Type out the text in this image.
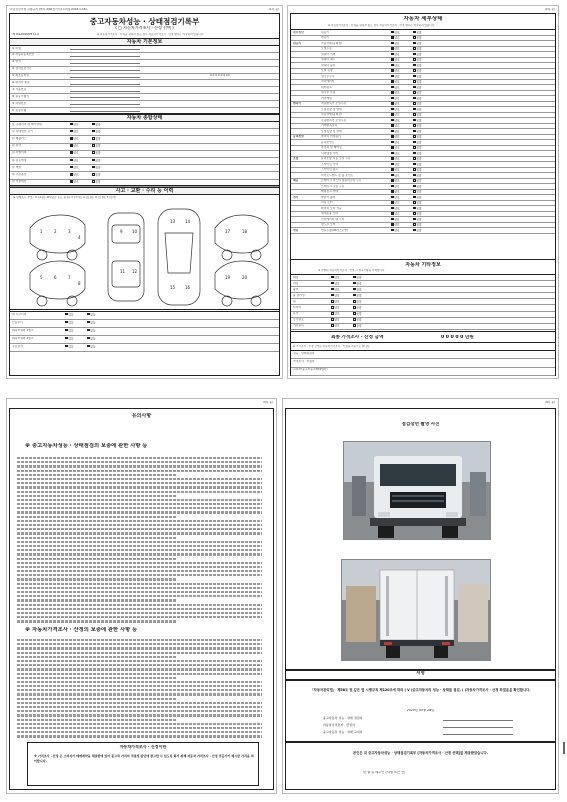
자동차관리법 시행규칙 [별지 제82호서식] <개정 2018.1.18>	(1쪽 중)
중고자동차성능 · 상태점검기록부
( □ 자동차가격조사 · 산정 선택 )
제 0420000972호	※ 자동차가격조사 · 산정을 원하지 않는 경우 자동차가격조사 · 산정 항목은 작성하지 않습니다.
자동차 기본정보
① 차명
② 자동차등록번호
③ 연식
④ 검사유효기간
⑤ 최초등록일	0 0 0 0 0 0 km
⑥ 변속기 종류
⑦ 사용연료
⑧ 원동기형식
⑨ 차대번호
⑩ 보증유형
자동차 종합상태
⑪ 주행거리 및 계기상태	양호	불량
⑫ 차대번호 표기	양호	불량
⑬ 배출가스	양호	불량
⑭ 튜닝	양호	불량
⑮ 특별이력	양호	불량
⑯ 용도변경	양호	불량
⑰ 색상	양호	불량
⑱ 주요옵션	양호	불량
⑲ 리콜대상	양호	불량
사고 · 교환 · 수리 등 이력
※ 상태표시 부호 : X (교환), W (판금 또는 용접), C (부식), A (흠집), U (요철), T (손상)
1	2	3
4
5	6	7
8
9 10
11 12
13 14
15 16
17	18
19	20
⑳ 사고이력	있음	없음
단순수리	있음	없음
외판부위의 1랭크	있음	없음
외판부위의 2랭크	있음	없음
주요골격	있음	없음
(2쪽 중)
자동차 세부상태
※ 자동차가격조사 · 산정을 원하지 않는 경우 자동차가격조사 · 산정 항목은 작성하지 않습니다.
자기진단	원동기	양호	불량
변속기	양호	불량
원동기	작동상태(공회전)	양호	불량
오일누유	양호	불량
실린더 커버	양호	불량
실린더 헤드	양호	불량
실린더 블록	양호	불량
오일 유량	양호	불량
냉각수누수	양호	불량
라디에이터	양호	불량
워터펌프	양호	불량
냉각수 수량	양호	불량
커먼레일	양호	불량
변속기	자동변속기 오일누유	양호	불량
오일유량 및 상태	양호	불량
작동상태(공회전)	양호	불량
수동변속기 오일누유	양호	불량
기어변속장치	양호	불량
오일유량 및 상태	양호	불량
동력전달	클러치 어셈블리	양호	불량
등속조인트	양호	불량
추진축 및 베어링	양호	불량
디퍼렌셜 기어	양호	불량
조향	동력조향 작동 오일 누유	양호	불량
스티어링 기어	양호	불량
스티어링 펌프	양호	불량
타이로드엔드 및 볼 조인트	양호	불량
제동	브레이크 마스터 실린더오일 누유	양호	불량
브레이크 오일 누유	양호	불량
배력장치 상태	양호	불량
전기	발전기 출력	양호	불량
시동 모터	양호	불량
와이퍼 모터 기능	양호	불량
실내송풍 모터	양호	불량
라디에이터 팬 모터	양호	불량
윈도우 모터	양호	불량
연료	연료누출(LP가스포함)	양호	불량
자동차 기타정보
※ 특별히 자동차가격조사 · 산정 시 참고사항을 기재합니다.
외장	양호	불량
내장	양호	불량
광택	양호	불량
룸 클리닝	양호	불량
휠	양호	불량
타이어	양호	불량
유리	양호	불량
수리필요	양호	불량
기본품목	양호	불량
최종 가격조사 · 산정 금액	0 0 0 0 0 만원
※ 가격조사 · 산정 금액은 자동차가격조사 · 산정을 기준으로 합니다.
성능 · 상태점검자
가격조사 · 산정자
고지자(중고자동차매매업자)
(3쪽 중)
유의사항
※ 중고자동차성능 · 상태점검의 보증에 관한 사항 등
※ 자동차가격조사 · 산정의 보증에 관한 사항 등
자동차가격조사 · 산정이란
※ 가격조사 · 산정 은 소비자가 매매계약을 체결함에 있어 중고차 가격의 적절성 판단에 참고할 수 있도록 하기 위해 자동차 가격조사 · 산정 전문가가 제시한 가격을 의미합니다.
(4쪽 중)
점검장면 촬영 사진
서명
「자동차관리법」 제58조 및 같은 법 시행규칙 제120조에 따라 ( V )중고자동차의 성능 · 상태를 점검, ( )자동차가격조사 · 산정 하였음을 확인합니다.
2020년 05월 28일
중고자동차 성능 · 상태 점검자
자동차가격조사 · 산정자
중고자동차 성능 · 상태 고지자
본인은 위 중고자동차성능 · 상태점검기록부 [자동차가격조사 · 산정 선택]를 제공받았습니다.
년 월 일 매수인 (서명 또는 인)
